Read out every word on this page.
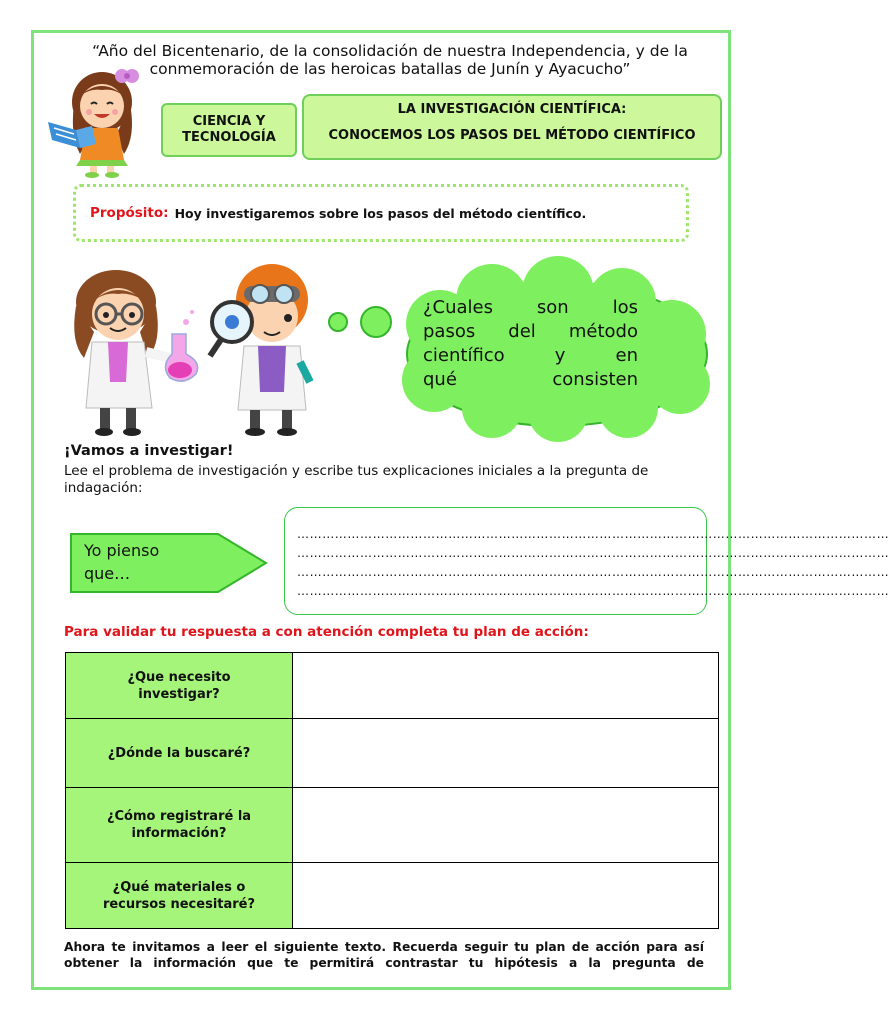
“Año del Bicentenario, de la consolidación de nuestra Independencia, y de la
conmemoración de las heroicas batallas de Junín y Ayacucho”
CIENCIA Y TECNOLOGÍA
LA INVESTIGACIÓN CIENTÍFICA:
CONOCEMOS LOS PASOS DEL MÉTODO CIENTÍFICO
Propósito: Hoy investigaremos sobre los pasos del método científico.
¿Cuales son los
pasos del método
científico y en
qué consisten
¡Vamos a investigar!
Lee el problema de investigación y escribe tus explicaciones iniciales a la pregunta de indagación:
Yo pienso que…
……………………………………………………………………………………………………………………………
……………………………………………………………………………………………………………………………
……………………………………………………………………………………………………………………………
……………………………………………………………………………………………………………………………
Para validar tu respuesta a con atención completa tu plan de acción:
¿Que necesito investigar?	
¿Dónde la buscaré?	
¿Cómo registraré la información?	
¿Qué materiales o recursos necesitaré?	
Ahora te invitamos a leer el siguiente texto. Recuerda seguir tu plan de acción para así obtener la información que te permitirá contrastar tu hipótesis a la pregunta de
